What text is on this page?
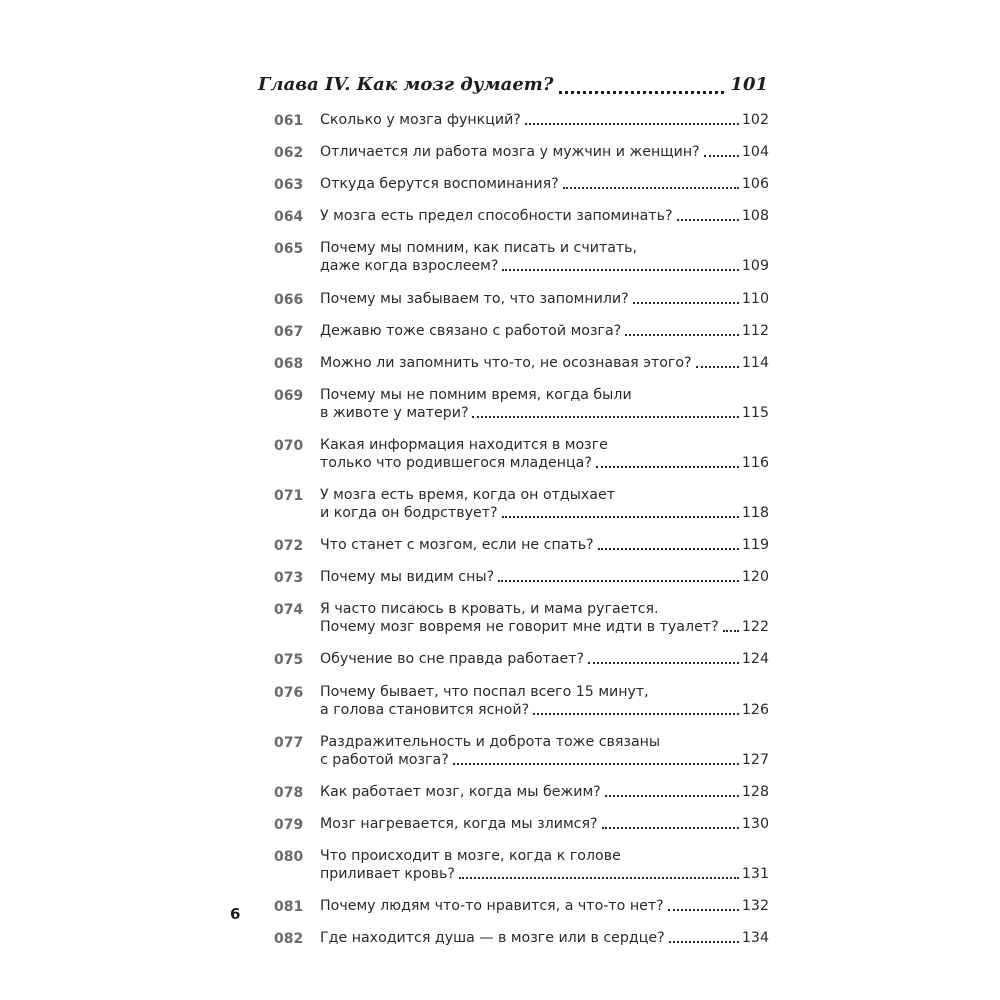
Глава IV. Как мозг думает?	101
061	Сколько у мозга функций?	102
062	Отличается ли работа мозга у мужчин и женщин?	104
063	Откуда берутся воспоминания?	106
064	У мозга есть предел способности запоминать?	108
065	Почему мы помним, как писать и считать,
даже когда взрослеем?	109
066	Почему мы забываем то, что запомнили?	110
067	Дежавю тоже связано с работой мозга?	112
068	Можно ли запомнить что-то, не осознавая этого?	114
069	Почему мы не помним время, когда были
в животе у матери?	115
070	Какая информация находится в мозге
только что родившегося младенца?	116
071	У мозга есть время, когда он отдыхает
и когда он бодрствует?	118
072	Что станет с мозгом, если не спать?	119
073	Почему мы видим сны?	120
074	Я часто писаюсь в кровать, и мама ругается.
Почему мозг вовремя не говорит мне идти в туалет? 122
075	Обучение во сне правда работает?	124
076	Почему бывает, что поспал всего 15 минут,
а голова становится ясной?	126
077	Раздражительность и доброта тоже связаны
с работой мозга?	127
078	Как работает мозг, когда мы бежим?	128
079	Мозг нагревается, когда мы злимся?	130
080	Что происходит в мозге, когда к голове
приливает кровь?	131
081	Почему людям что-то нравится, а что-то нет?	132
082	Где находится душа — в мозге или в сердце?	134
6
